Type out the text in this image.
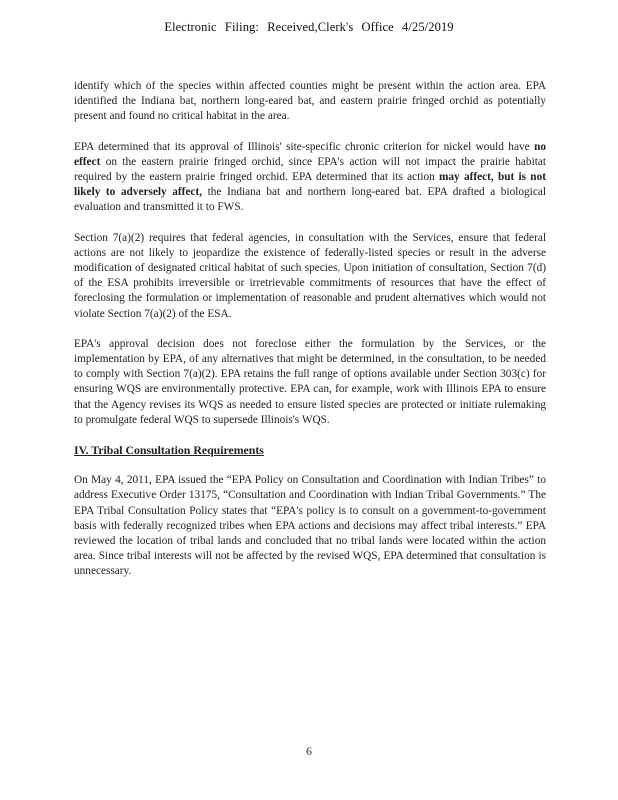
Electronic Filing: Received,Clerk's Office 4/25/2019

identify which of the species within affected counties might be present within the action area. EPA identified the Indiana bat, northern long-eared bat, and eastern prairie fringed orchid as potentially present and found no critical habitat in the area.

EPA determined that its approval of Illinois' site-specific chronic criterion for nickel would have no effect on the eastern prairie fringed orchid, since EPA's action will not impact the prairie habitat required by the eastern prairie fringed orchid. EPA determined that its action may affect, but is not likely to adversely affect, the Indiana bat and northern long-eared bat. EPA drafted a biological evaluation and transmitted it to FWS.

Section 7(a)(2) requires that federal agencies, in consultation with the Services, ensure that federal actions are not likely to jeopardize the existence of federally-listed species or result in the adverse modification of designated critical habitat of such species. Upon initiation of consultation, Section 7(d) of the ESA prohibits irreversible or irretrievable commitments of resources that have the effect of foreclosing the formulation or implementation of reasonable and prudent alternatives which would not violate Section 7(a)(2) of the ESA.

EPA's approval decision does not foreclose either the formulation by the Services, or the implementation by EPA, of any alternatives that might be determined, in the consultation, to be needed to comply with Section 7(a)(2). EPA retains the full range of options available under Section 303(c) for ensuring WQS are environmentally protective. EPA can, for example, work with Illinois EPA to ensure that the Agency revises its WQS as needed to ensure listed species are protected or initiate rulemaking to promulgate federal WQS to supersede Illinois's WQS.

IV. Tribal Consultation Requirements

On May 4, 2011, EPA issued the “EPA Policy on Consultation and Coordination with Indian Tribes” to address Executive Order 13175, “Consultation and Coordination with Indian Tribal Governments.” The EPA Tribal Consultation Policy states that “EPA's policy is to consult on a government-to-government basis with federally recognized tribes when EPA actions and decisions may affect tribal interests.” EPA reviewed the location of tribal lands and concluded that no tribal lands were located within the action area. Since tribal interests will not be affected by the revised WQS, EPA determined that consultation is unnecessary.

6
